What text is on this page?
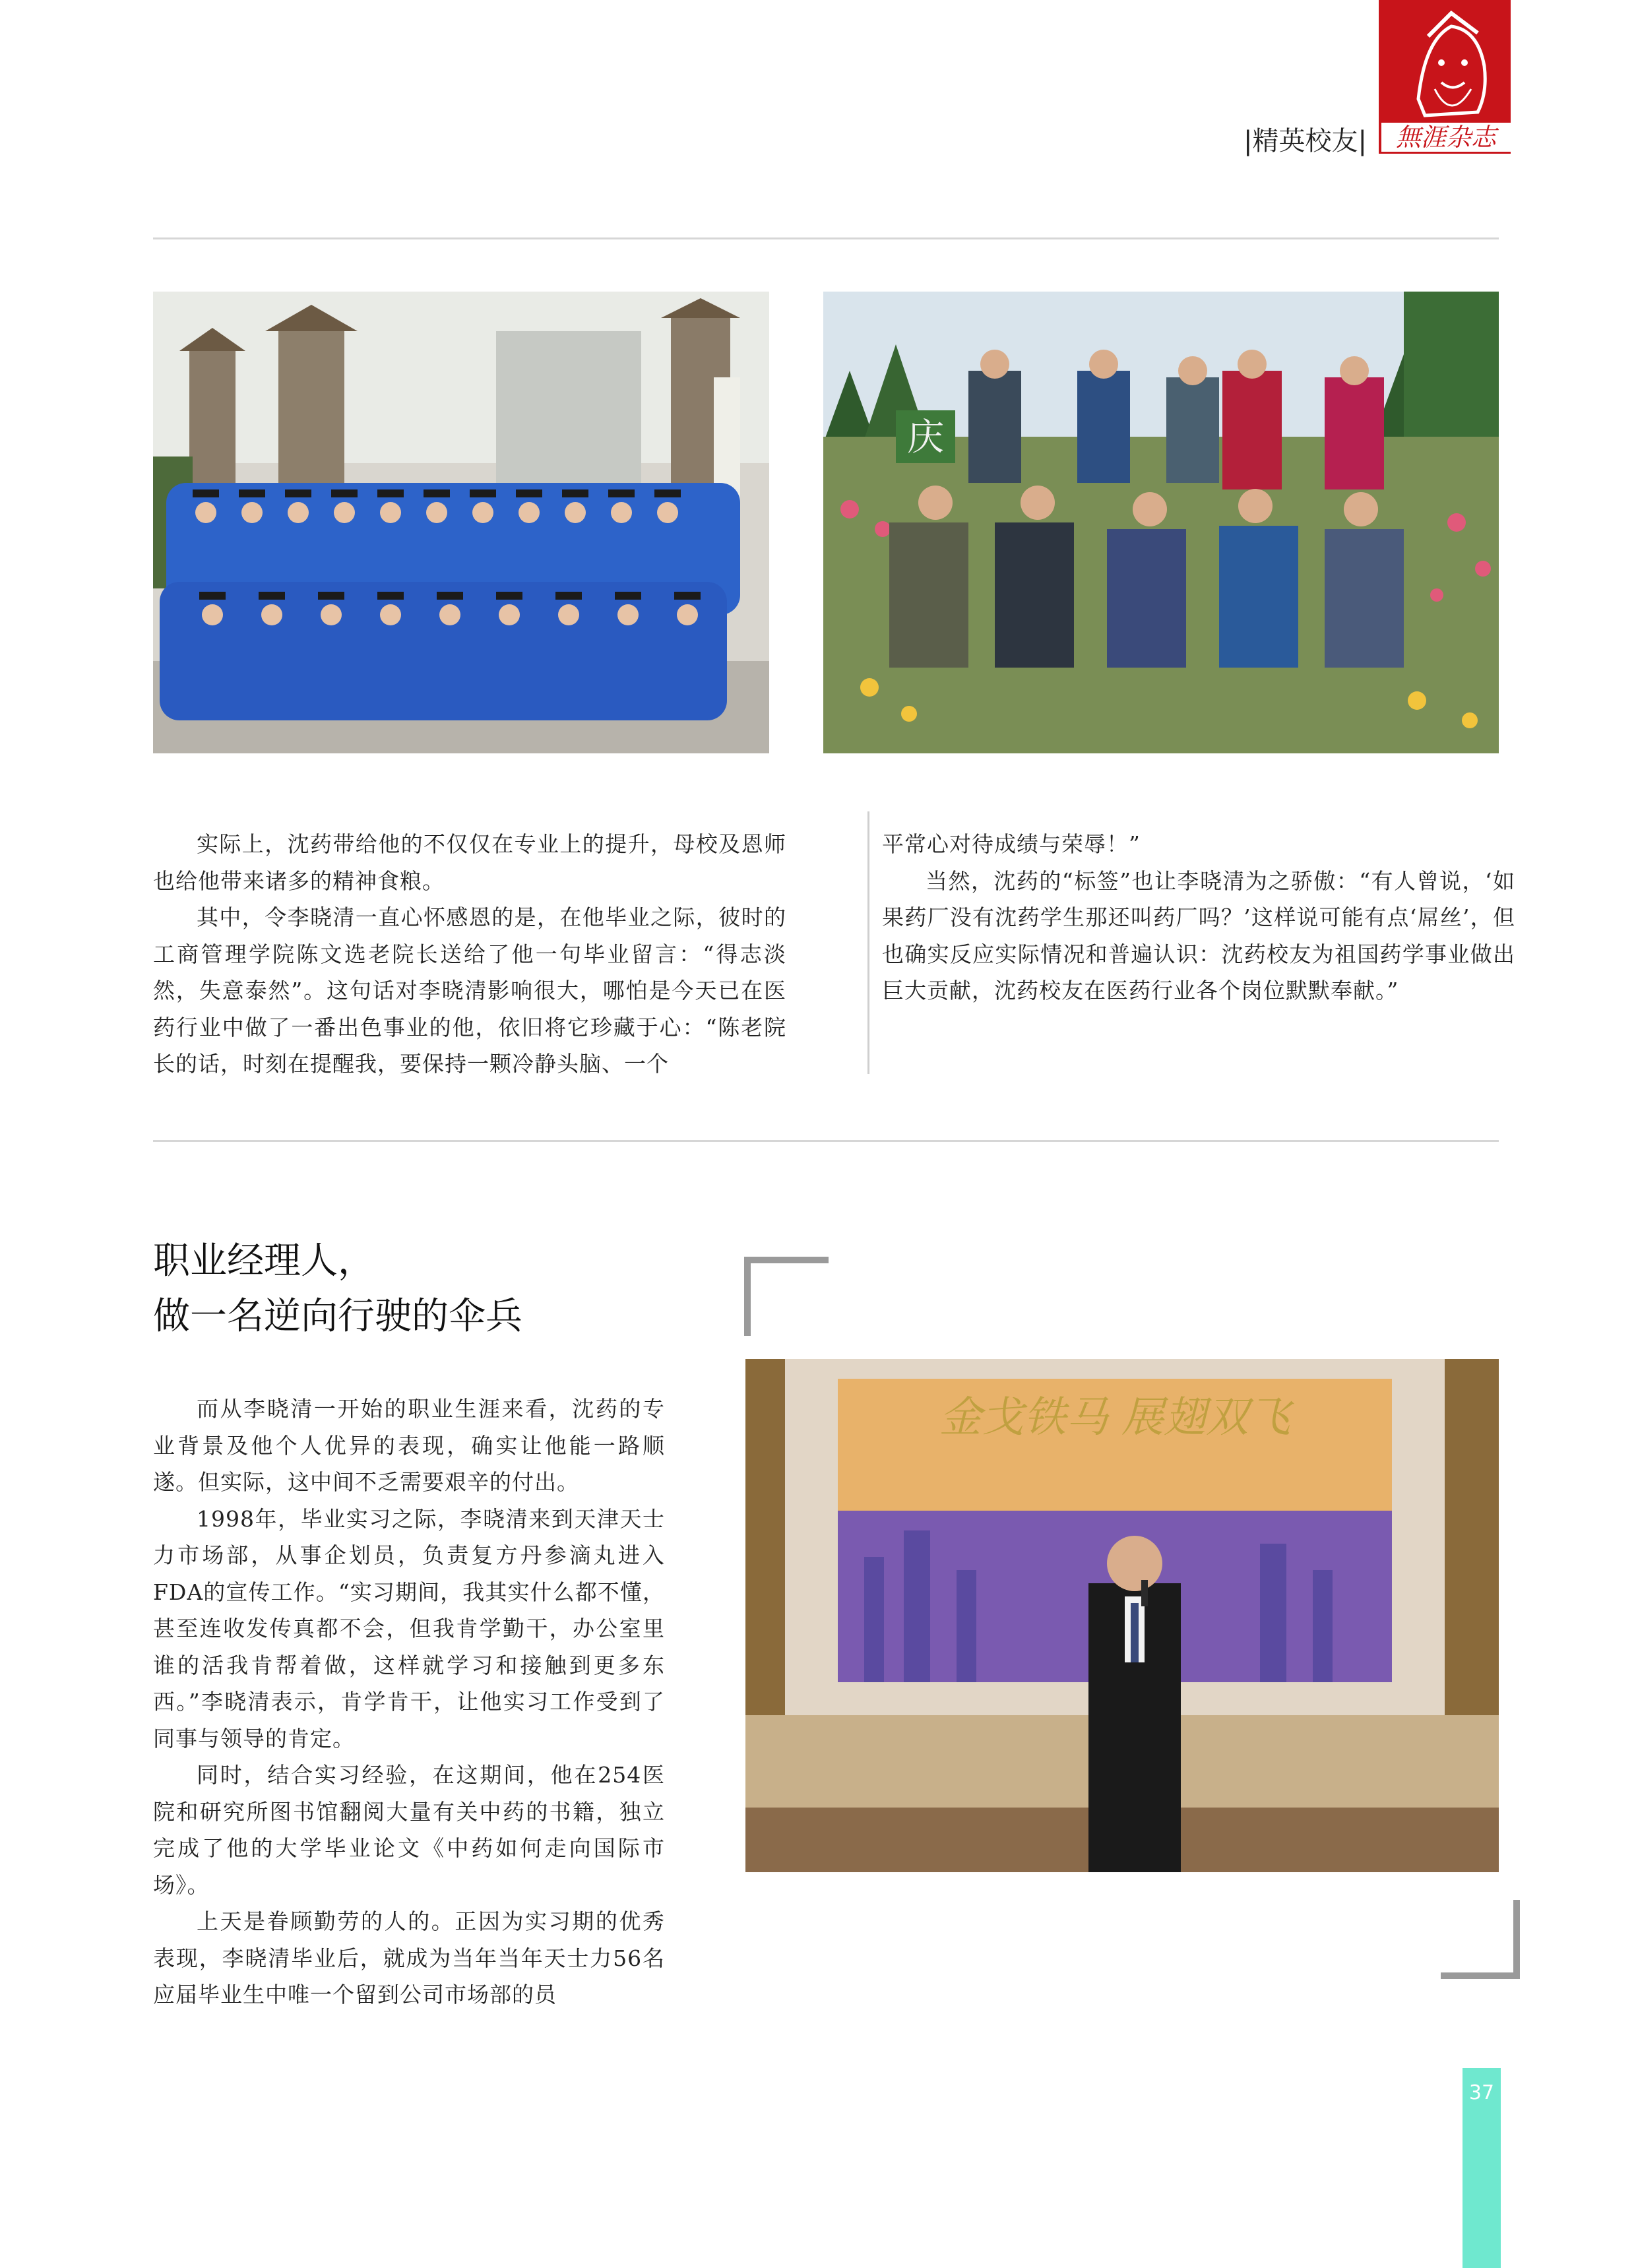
|精英校友|	無涯杂志
庆

实际上，沈药带给他的不仅仅在专业上的提升，母校及恩师也给他带来诸多的精神食粮。

其中，令李晓清一直心怀感恩的是，在他毕业之际，彼时的工商管理学院陈文选老院长送给了他一句毕业留言：“得志淡然，失意泰然”。这句话对李晓清影响很大，哪怕是今天已在医药行业中做了一番出色事业的他，依旧将它珍藏于心：“陈老院长的话，时刻在提醒我，要保持一颗冷静头脑、一个

平常心对待成绩与荣辱！”

当然，沈药的“标签”也让李晓清为之骄傲：“有人曾说，‘如果药厂没有沈药学生那还叫药厂吗？’这样说可能有点‘屌丝’，但也确实反应实际情况和普遍认识：沈药校友为祖国药学事业做出巨大贡献，沈药校友在医药行业各个岗位默默奉献。”

职业经理人，
做一名逆向行驶的伞兵

而从李晓清一开始的职业生涯来看，沈药的专业背景及他个人优异的表现，确实让他能一路顺遂。但实际，这中间不乏需要艰辛的付出。

1998年，毕业实习之际，李晓清来到天津天士力市场部，从事企划员，负责复方丹参滴丸进入FDA的宣传工作。“实习期间，我其实什么都不懂，甚至连收发传真都不会，但我肯学勤干，办公室里谁的活我肯帮着做，这样就学习和接触到更多东西。”李晓清表示，肯学肯干，让他实习工作受到了同事与领导的肯定。

同时，结合实习经验，在这期间，他在254医院和研究所图书馆翻阅大量有关中药的书籍，独立完成了他的大学毕业论文《中药如何走向国际市场》。

上天是眷顾勤劳的人的。正因为实习期的优秀表现，李晓清毕业后，就成为当年当年天士力56名应届毕业生中唯一个留到公司市场部的员

金戈铁马 展翅双飞
37
